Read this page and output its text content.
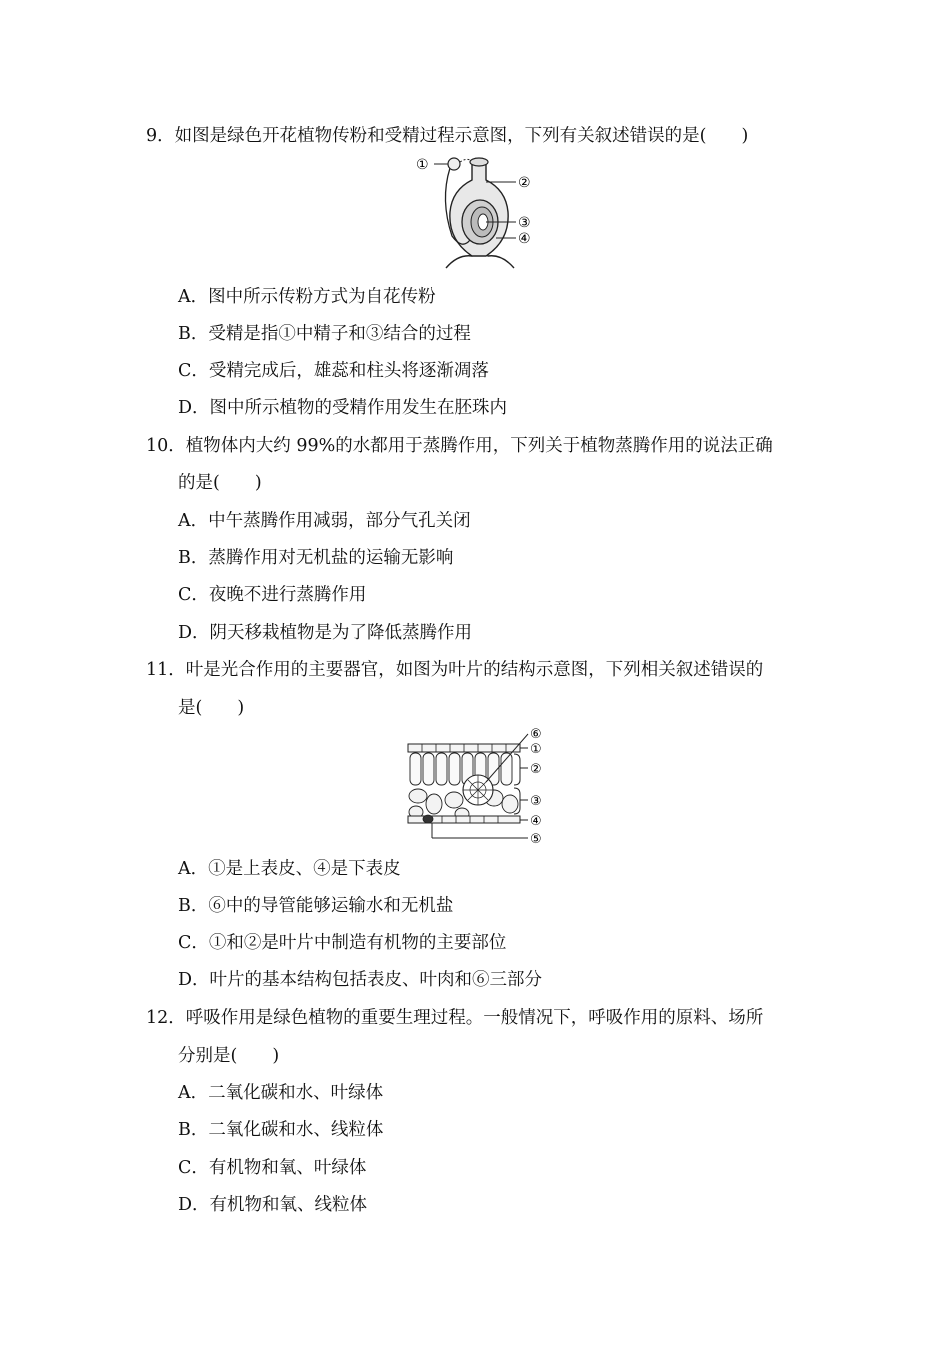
9．如图是绿色开花植物传粉和受精过程示意图，下列有关叙述错误的是(　　)
①
②
③
④
A．图中所示传粉方式为自花传粉
B．受精是指①中精子和③结合的过程
C．受精完成后，雄蕊和柱头将逐渐凋落
D．图中所示植物的受精作用发生在胚珠内
10．植物体内大约 99%的水都用于蒸腾作用，下列关于植物蒸腾作用的说法正确
的是(　　)
A．中午蒸腾作用减弱，部分气孔关闭
B．蒸腾作用对无机盐的运输无影响
C．夜晚不进行蒸腾作用
D．阴天移栽植物是为了降低蒸腾作用
11．叶是光合作用的主要器官，如图为叶片的结构示意图，下列相关叙述错误的
是(　　)
⑥
①
②
③
④
⑤
A．①是上表皮、④是下表皮
B．⑥中的导管能够运输水和无机盐
C．①和②是叶片中制造有机物的主要部位
D．叶片的基本结构包括表皮、叶肉和⑥三部分
12．呼吸作用是绿色植物的重要生理过程。一般情况下，呼吸作用的原料、场所
分别是(　　)
A．二氧化碳和水、叶绿体
B．二氧化碳和水、线粒体
C．有机物和氧、叶绿体
D．有机物和氧、线粒体
